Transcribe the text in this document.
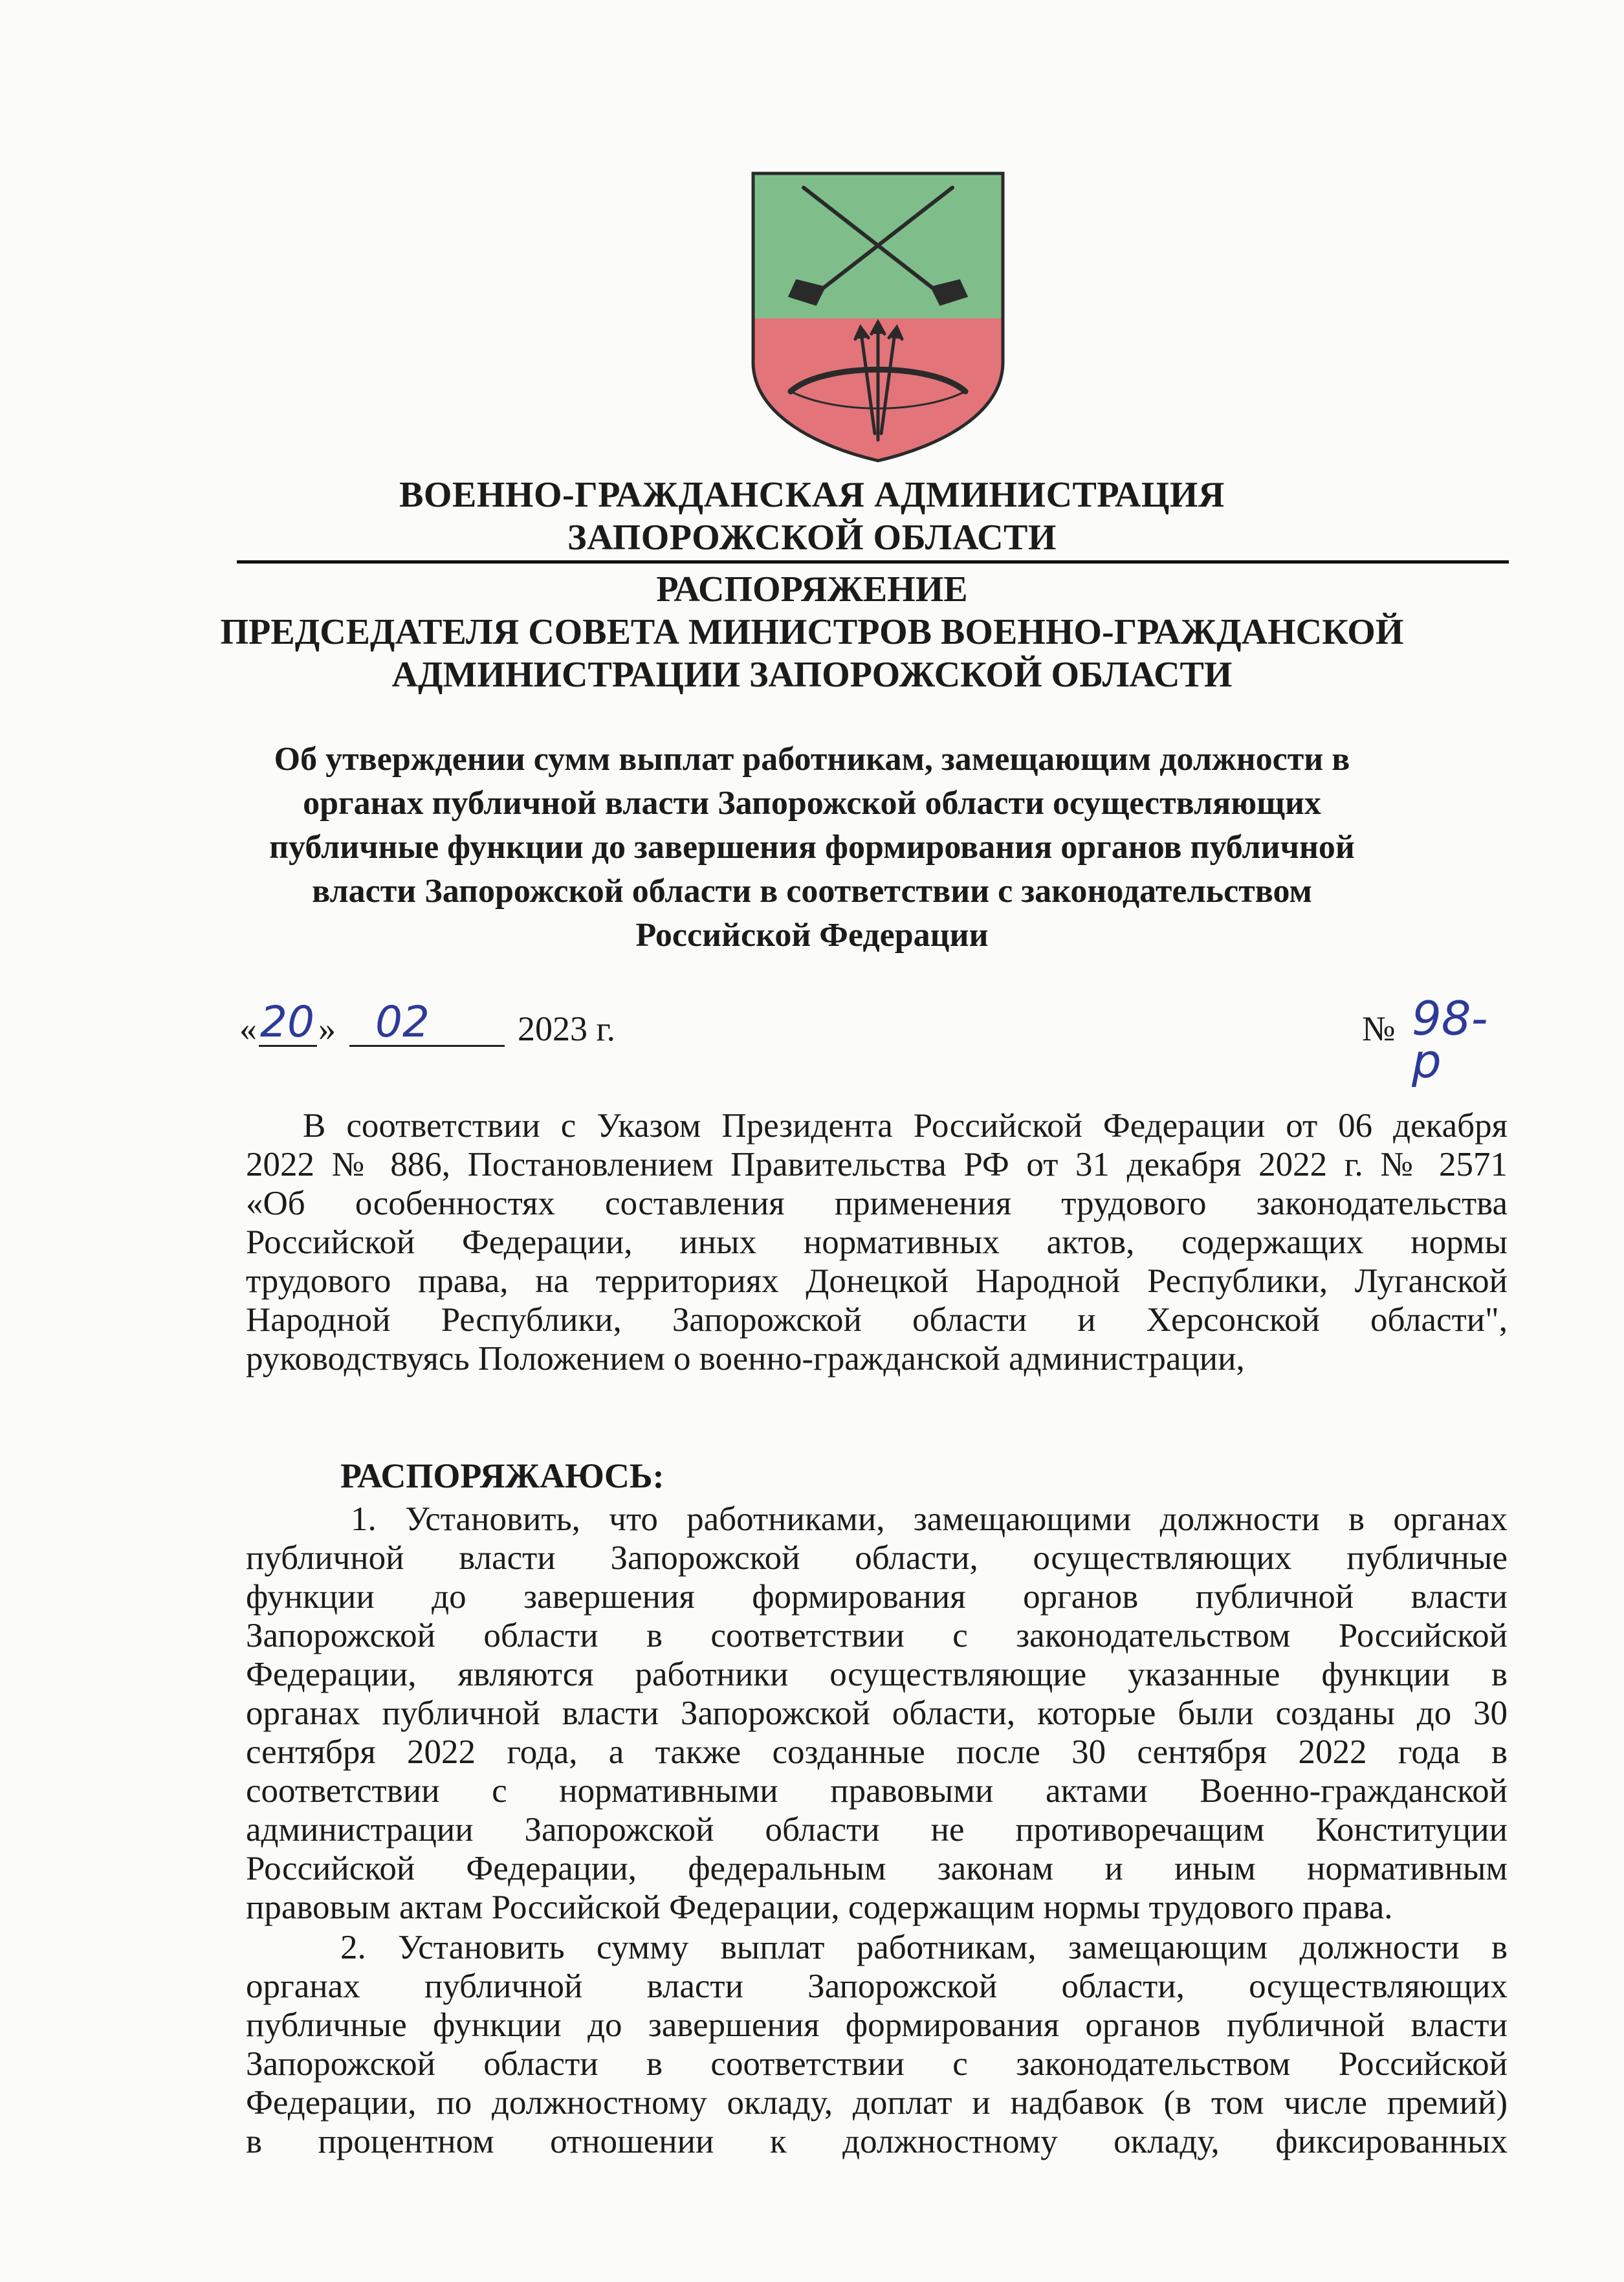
ВОЕННО-ГРАЖДАНСКАЯ АДМИНИСТРАЦИЯ
ЗАПОРОЖСКОЙ ОБЛАСТИ
РАСПОРЯЖЕНИЕ
ПРЕДСЕДАТЕЛЯ СОВЕТА МИНИСТРОВ ВОЕННО-ГРАЖДАНСКОЙ
АДМИНИСТРАЦИИ ЗАПОРОЖСКОЙ ОБЛАСТИ
Об утверждении сумм выплат работникам, замещающим должности в
органах публичной власти Запорожской области осуществляющих
публичные функции до завершения формирования органов публичной
власти Запорожской области в соответствии с законодательством
Российской Федерации
« 20 » 02	2023 г.	№ 98-р
В соответствии с Указом Президента Российской Федерации от 06 декабря
2022 № 886, Постановлением Правительства РФ от 31 декабря 2022 г. № 2571
«Об особенностях составления применения трудового законодательства
Российской Федерации, иных нормативных актов, содержащих нормы
трудового права, на территориях Донецкой Народной Республики, Луганской
Народной Республики, Запорожской области и Херсонской области",
руководствуясь Положением о военно-гражданской администрации,
РАСПОРЯЖАЮСЬ:
1. Установить, что работниками, замещающими должности в органах
публичной власти Запорожской области, осуществляющих публичные
функции до завершения формирования органов публичной власти
Запорожской области в соответствии с законодательством Российской
Федерации, являются работники осуществляющие указанные функции в
органах публичной власти Запорожской области, которые были созданы до 30
сентября 2022 года, а также созданные после 30 сентября 2022 года в
соответствии с нормативными правовыми актами Военно-гражданской
администрации Запорожской области не противоречащим Конституции
Российской Федерации, федеральным законам и иным нормативным
правовым актам Российской Федерации, содержащим нормы трудового права.
2. Установить сумму выплат работникам, замещающим должности в
органах публичной власти Запорожской области, осуществляющих
публичные функции до завершения формирования органов публичной власти
Запорожской области в соответствии с законодательством Российской
Федерации, по должностному окладу, доплат и надбавок (в том числе премий)
в процентном отношении к должностному окладу, фиксированных
